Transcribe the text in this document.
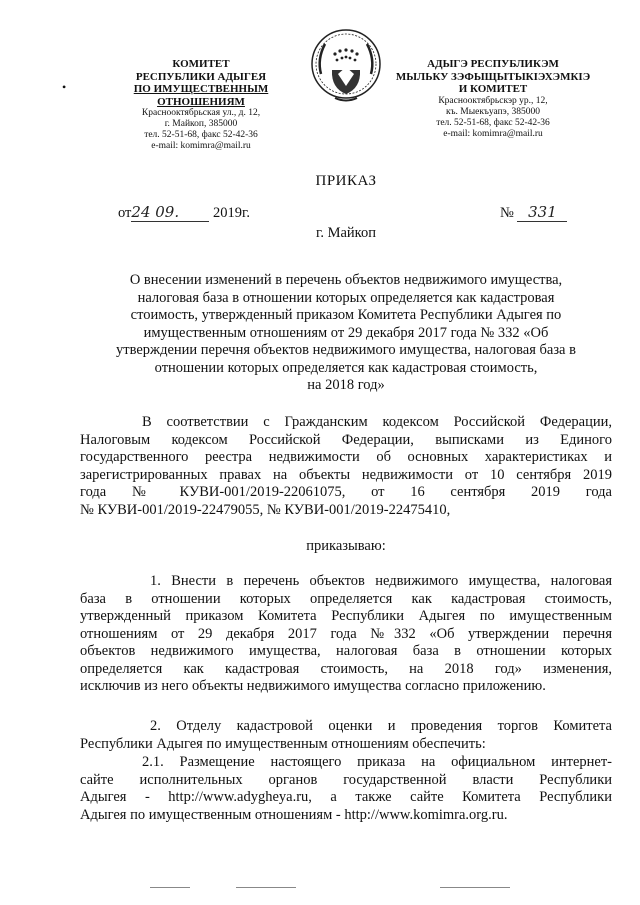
•
КОМИТЕТ
РЕСПУБЛИКИ АДЫГЕЯ
ПО ИМУЩЕСТВЕННЫМ ОТНОШЕНИЯМ
Краснооктябрьская ул., д. 12,
г. Майкоп, 385000
тел. 52-51-68, факс 52-42-36
e-mail: komimra@mail.ru
АДЫГЭ РЕСПУБЛИКЭМ
МЫЛЬКУ ЗЭФЫЩЫТЫКІЭХЭМКІЭ
И КОМИТЕТ
Краснооктябрьскэр ур., 12,
къ. Мыекъуапэ, 385000
тел. 52-51-68, факс 52-42-36
e-mail: komimra@mail.ru
ПРИКАЗ
от24 09. 2019г.	№ 331
г. Майкоп
О внесении изменений в перечень объектов недвижимого имущества,
налоговая база в отношении которых определяется как кадастровая
стоимость, утвержденный приказом Комитета Республики Адыгея по
имущественным отношениям от 29 декабря 2017 года № 332 «Об
утверждении перечня объектов недвижимого имущества, налоговая база в
отношении которых определяется как кадастровая стоимость,
на 2018 год»
В соответствии с Гражданским кодексом Российской Федерации,
Налоговым кодексом Российской Федерации, выписками из Единого
государственного реестра недвижимости об основных характеристиках и
зарегистрированных правах на объекты недвижимости от 10 сентября 2019
года № КУВИ-001/2019-22061075, от 16 сентября 2019 года
№ КУВИ-001/2019-22479055, № КУВИ-001/2019-22475410,
приказываю:
1. Внести в перечень объектов недвижимого имущества, налоговая
база в отношении которых определяется как кадастровая стоимость,
утвержденный приказом Комитета Республики Адыгея по имущественным
отношениям от 29 декабря 2017 года №332 «Об утверждении перечня
объектов недвижимого имущества, налоговая база в отношении которых
определяется как кадастровая стоимость, на 2018 год» изменения,
исключив из него объекты недвижимого имущества согласно приложению.
2. Отделу кадастровой оценки и проведения торгов Комитета
Республики Адыгея по имущественным отношениям обеспечить:
2.1. Размещение настоящего приказа на официальном интернет-
сайте исполнительных органов государственной власти Республики
Адыгея - http://www.adygheya.ru, а также сайте Комитета Республики
Адыгея по имущественным отношениям - http://www.komimra.org.ru.
